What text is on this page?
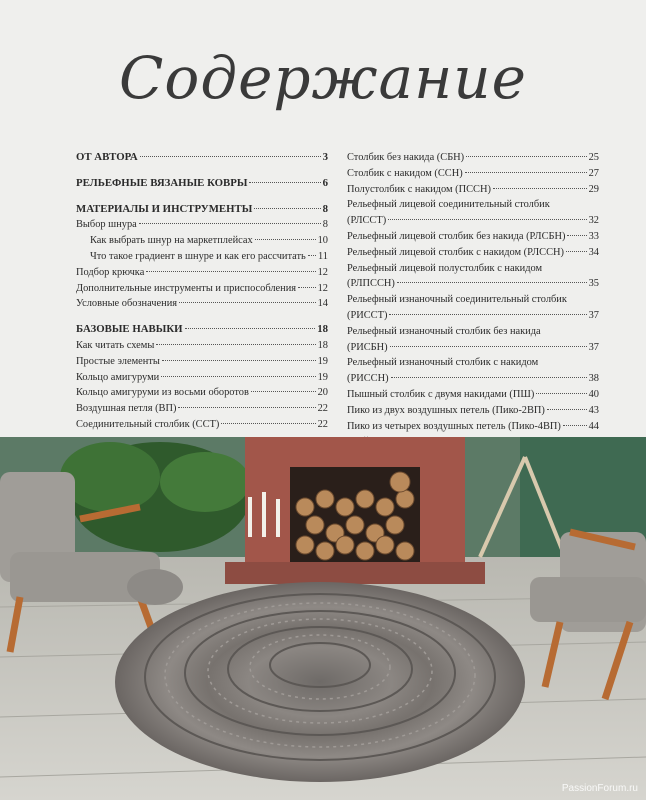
Содержание
ОТ АВТОРА	3
РЕЛЬЕФНЫЕ ВЯЗАНЫЕ КОВРЫ	6
МАТЕРИАЛЫ И ИНСТРУМЕНТЫ	8
Выбор шнура	8
Как выбрать шнур на маркетплейсах	10
Что такое градиент в шнуре и как его рассчитать 11
Подбор крючка	12
Дополнительные инструменты и приспособления 12
Условные обозначения	14
БАЗОВЫЕ НАВЫКИ	18
Как читать схемы	18
Простые элементы	19
Кольцо амигуруми	19
Кольцо амигуруми из восьми оборотов	20
Воздушная петля (ВП)	22
Соединительный столбик (ССТ)	22
Столбик без накида (СБН)	25
Столбик с накидом (ССН)	27
Полустолбик с накидом (ПССН)	29
Рельефный лицевой соединительный столбик
(РЛССТ)	32
Рельефный лицевой столбик без накида (РЛСБН) 33
Рельефный лицевой столбик с накидом (РЛССН) 34
Рельефный лицевой полустолбик с накидом
(РЛПССН)	35
Рельефный изнаночный соединительный столбик
(РИССТ)	37
Рельефный изнаночный столбик без накида
(РИСБН)	37
Рельефный изнаночный столбик с накидом
(РИССН)	38
Пышный столбик с двумя накидами (ПШ)	40
Пико из двух воздушных петель (Пико-2ВП)	43
Пико из четырех воздушных петель (Пико-4ВП)	44
PassionForum.ru
